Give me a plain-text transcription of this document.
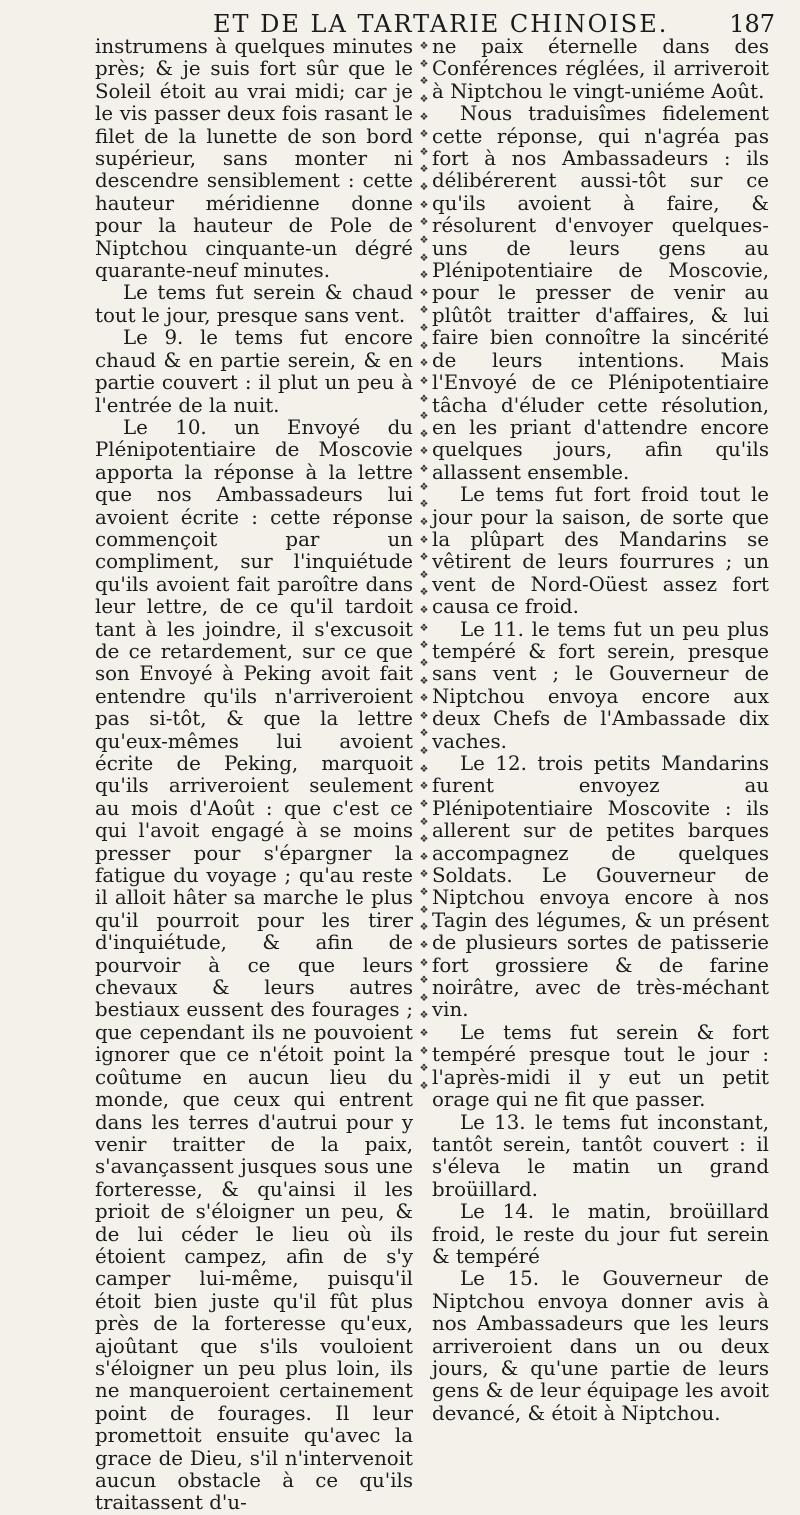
ET DE LA TARTARIE CHINOISE.	187

instrumens à quelques minutes près; & je suis fort sûr que le Soleil étoit au vrai midi; car je le vis passer deux fois rasant le filet de la lunette de son bord supérieur, sans monter ni descendre sensiblement : cette hauteur méridienne donne pour la hauteur de Pole de Niptchou cinquante-un dégré quarante-neuf minutes.

Le tems fut serein & chaud tout le jour, presque sans vent.

Le 9. le tems fut encore chaud & en partie serein, & en partie couvert : il plut un peu à l'entrée de la nuit.

Le 10. un Envoyé du Plénipotentiaire de Moscovie apporta la réponse à la lettre que nos Ambassadeurs lui avoient écrite : cette réponse commençoit par un compliment, sur l'inquiétude qu'ils avoient fait paroître dans leur lettre, de ce qu'il tardoit tant à les joindre, il s'excusoit de ce retardement, sur ce que son Envoyé à Peking avoit fait entendre qu'ils n'arriveroient pas si-tôt, & que la lettre qu'eux-mêmes lui avoient écrite de Peking, marquoit qu'ils arriveroient seulement au mois d'Août : que c'est ce qui l'avoit engagé à se moins presser pour s'épargner la fatigue du voyage ; qu'au reste il alloit hâter sa marche le plus qu'il pourroit pour les tirer d'inquiétude, & afin de pourvoir à ce que leurs chevaux & leurs autres bestiaux eussent des fourages ; que cependant ils ne pouvoient ignorer que ce n'étoit point la coûtume en aucun lieu du monde, que ceux qui entrent dans les terres d'autrui pour y venir traitter de la paix, s'avançassent jusques sous une forteresse, & qu'ainsi il les prioit de s'éloigner un peu, & de lui céder le lieu où ils étoient campez, afin de s'y camper lui-même, puisqu'il étoit bien juste qu'il fût plus près de la forteresse qu'eux, ajoûtant que s'ils vouloient s'éloigner un peu plus loin, ils ne manqueroient certainement point de fourages. Il leur promettoit ensuite qu'avec la grace de Dieu, s'il n'intervenoit aucun obstacle à ce qu'ils traitassent d'u-

❖
❖
❖
❖
❖
❖
❖
❖
❖
❖
❖
❖
❖
❖
❖
❖
❖
❖
❖
❖
❖
❖
❖
❖
❖
❖
❖
❖
❖
❖
❖
❖
❖
❖
❖
❖
❖
❖
❖
❖
❖
❖
❖
❖
❖
❖
❖
❖
❖
❖
❖
❖
❖
❖
❖
❖
❖
❖
❖
❖

ne paix éternelle dans des Conférences réglées, il arriveroit à Niptchou le vingt-uniéme Août.

Nous traduisîmes fidelement cette réponse, qui n'agréa pas fort à nos Ambassadeurs : ils délibérerent aussi-tôt sur ce qu'ils avoient à faire, & résolurent d'envoyer quelques-uns de leurs gens au Plénipotentiaire de Moscovie, pour le presser de venir au plûtôt traitter d'affaires, & lui faire bien connoître la sincérité de leurs intentions. Mais l'Envoyé de ce Plénipotentiaire tâcha d'éluder cette résolution, en les priant d'attendre encore quelques jours, afin qu'ils allassent ensemble.

Le tems fut fort froid tout le jour pour la saison, de sorte que la plûpart des Mandarins se vêtirent de leurs fourrures ; un vent de Nord-Oüest assez fort causa ce froid.

Le 11. le tems fut un peu plus tempéré & fort serein, presque sans vent ; le Gouverneur de Niptchou envoya encore aux deux Chefs de l'Ambassade dix vaches.

Le 12. trois petits Mandarins furent envoyez au Plénipotentiaire Moscovite : ils allerent sur de petites barques accompagnez de quelques Soldats. Le Gouverneur de Niptchou envoya encore à nos Tagin des légumes, & un présent de plusieurs sortes de patisserie fort grossiere & de farine noirâtre, avec de très-méchant vin.

Le tems fut serein & fort tempéré presque tout le jour : l'après-midi il y eut un petit orage qui ne fit que passer.

Le 13. le tems fut inconstant, tantôt serein, tantôt couvert : il s'éleva le matin un grand broüillard.

Le 14. le matin, broüillard froid, le reste du jour fut serein & tempéré

Le 15. le Gouverneur de Niptchou envoya donner avis à nos Ambassadeurs que les leurs arriveroient dans un ou deux jours, & qu'une partie de leurs gens & de leur équipage les avoit devancé, & étoit à Niptchou.
